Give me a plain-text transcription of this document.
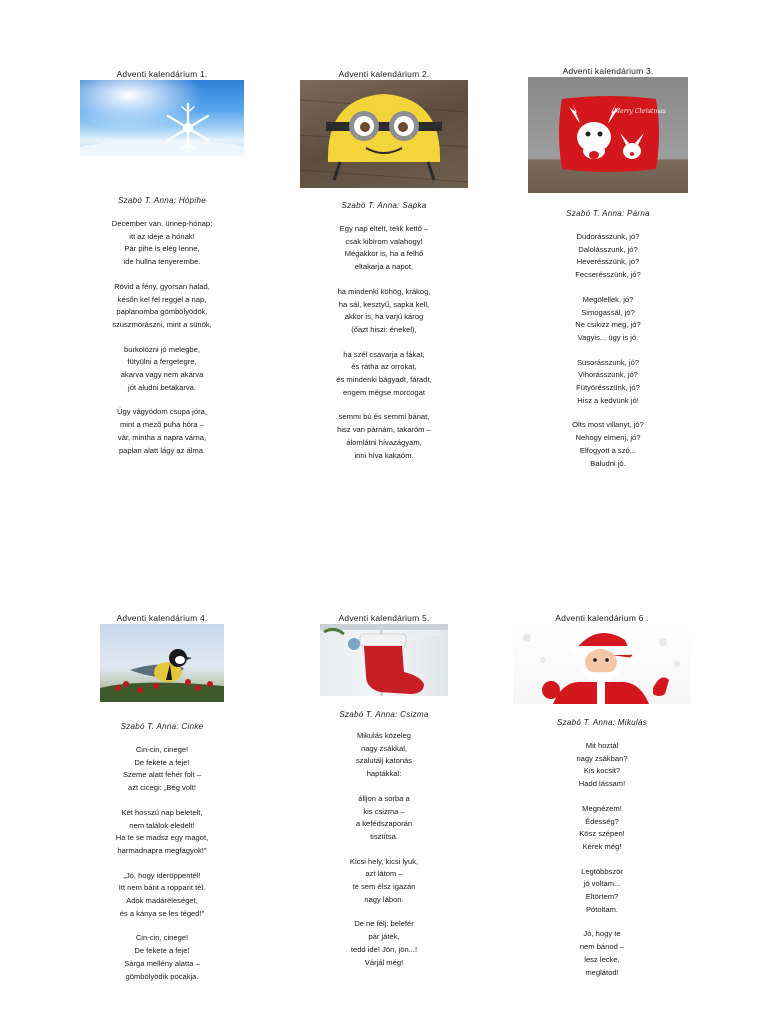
Adventi kalendárium 1.
Szabó T. Anna: Hópihe
December van, ünnep-hónap:
itt az ideje a hónak!
Pár pihe is elég lenne,
ide hullna tenyerembe.
Rövid a fény, gyorsan halad,
későn kel fel reggel a nap,
paplanomba gömbölyödök,
szuszmorászni, mint a sünök,
burkolózni jó melegbe,
fütyülni a fergetegre,
akarva vagy nem akarva
jót aludni betakarva.
Úgy vágyódom csupa jóra,
mint a mező puha hóra –
vár, mintha a napra várna,
paplan alatt lágy az álma.
Adventi kalendárium 2.
Szabó T. Anna: Sapka
Egy nap eltelt, telik kettő –
csak kibírom valahogy!
Mégakkor is, ha a felhő
eltakarja a napot,
ha mindenki köhög, krákog,
ha sál, kesztyű, sapka kell,
akkor is, ha varjú károg
(őazt hiszi: énekel),
ha szél csavarja a fákat,
és rátha az orrokat,
és mindenki bágyadt, fáradt,
engem mégse morcogat
semmi bú és semmi bánat,
hisz van párnám, takaróm –
álomlátni hívazágyam,
inni híva kakaóm.
Adventi kalendárium 3.
Merry Christmas
Szabó T. Anna: Párna
Dudorásszunk, jó?
Dalolásszunk, jó?
Heverésszünk, jó?
Fecserésszünk, jó?
Megölellek, jó?
Simogassál, jó?
Ne csikizz meg, jó?
Vagyis... úgy is jó.
Susorásszunk, jó?
Vihorásszunk, jó?
Fütyörésszünk, jó?
Hisz a kedvünk jó!
Olts most villanyt, jó?
Nehogy elmenj, jó?
Elfogyott a szó...
Baludni jó.
Adventi kalendárium 4.
Szabó T. Anna: Cinke
Cin-cin, cinege!
De fekete a feje!
Szeme alatt fehér folt –
azt cicegi: „Bég volt!
Két hosszú nap beletelt,
nem találok eledelt!
Ha te se madsz egy magot,
harmadnapra megfagyok!"
„Jó, hogy ideröppentél!
Itt nem bánt a roppant tél.
Adok madáreleséget,
és a kánya se les téged!"
Cin-cin, cinege!
De fekete a feje!
Sárga mellény alatta –
gömbölyödik pocakja.
Adventi kalendárium 5.
Szabó T. Anna: Csizma
Mikulás közeleg
nagy zsákkal,
szalutálj katonás
haptákkal:
álljon a sorba a
kis csizma –
a kefédszaporán
tisztítsa.
Kicsi hely, kicsi lyuk,
azt látom –
te sem élsz igazán
nagy lábon.
De ne félj: belefér
pár játék,
tedd ide! Jön, jön...!
Várjál még!
Adventi kalendárium 6 .
Szabó T. Anna: Mikulás
Mit hoztál
nagy zsákban?
Kis kocsit?
Hadd lássam!
Megnézem!
Édesség?
Kösz szépen!
Kérek még!
Legtöbbször
jó voltam...
Eltörtem?
Pótoltam.
Jó, hogy te
nem bánod –
lesz lecke,
meglátod!
